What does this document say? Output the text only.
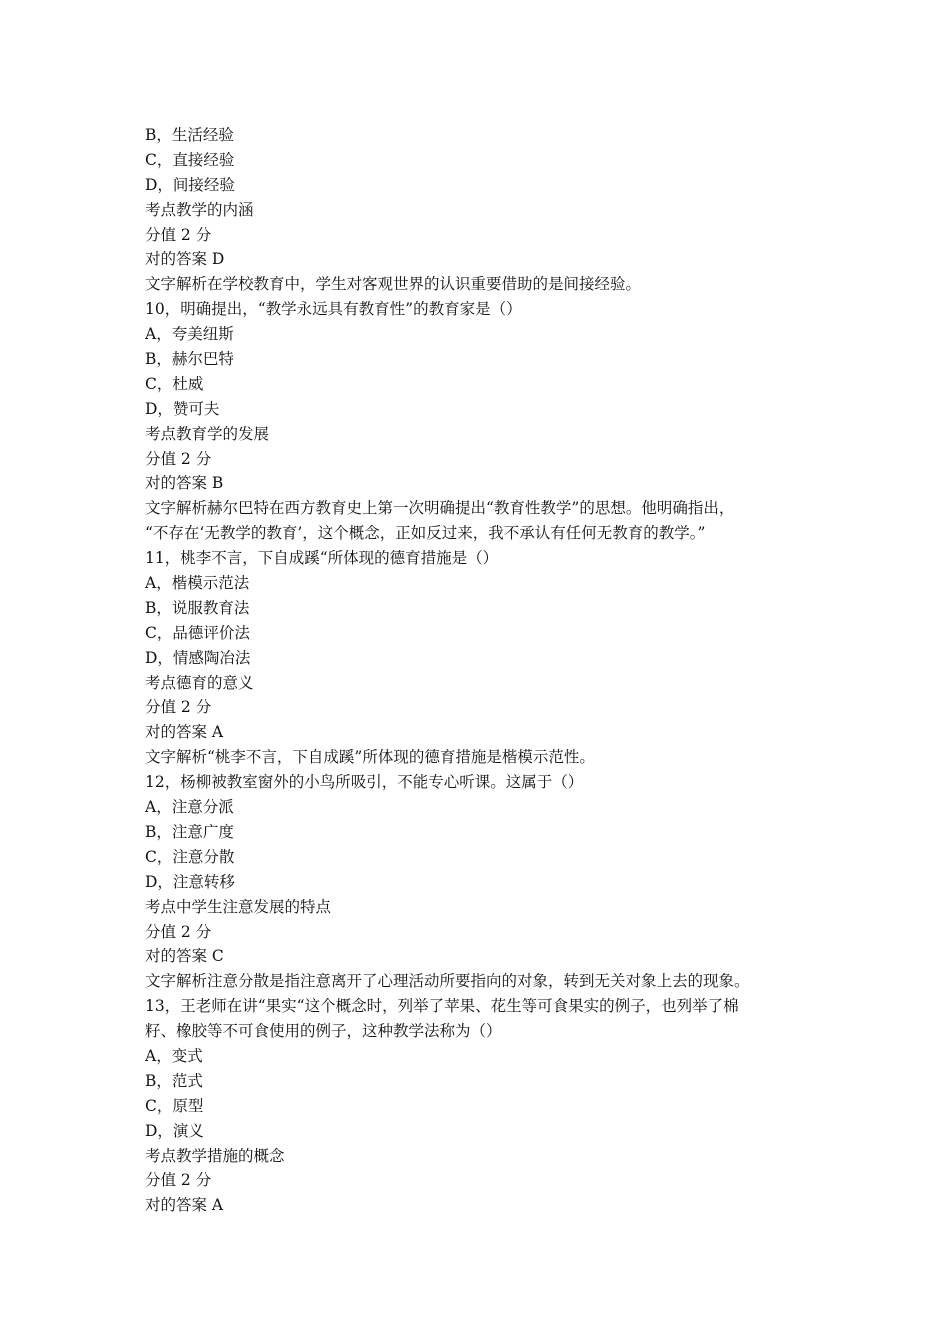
B，生活经验
C，直接经验
D，间接经验
考点教学的内涵
分值 2 分
对的答案 D
文字解析在学校教育中，学生对客观世界的认识重要借助的是间接经验。
10，明确提出，“教学永远具有教育性”的教育家是（）
A，夸美纽斯
B，赫尔巴特
C，杜威
D，赞可夫
考点教育学的发展
分值 2 分
对的答案 B
文字解析赫尔巴特在西方教育史上第一次明确提出“教育性教学”的思想。他明确指出，
“不存在‘无教学的教育’，这个概念，正如反过来，我不承认有任何无教育的教学。”
11，桃李不言，下自成蹊“所体现的德育措施是（）
A，楷模示范法
B，说服教育法
C，品德评价法
D，情感陶冶法
考点德育的意义
分值 2 分
对的答案 A
文字解析“桃李不言，下自成蹊”所体现的德育措施是楷模示范性。
12，杨柳被教室窗外的小鸟所吸引，不能专心听课。这属于（）
A，注意分派
B，注意广度
C，注意分散
D，注意转移
考点中学生注意发展的特点
分值 2 分
对的答案 C
文字解析注意分散是指注意离开了心理活动所要指向的对象，转到无关对象上去的现象。
13，王老师在讲“果实“这个概念时，列举了苹果、花生等可食果实的例子，也列举了棉
籽、橡胶等不可食使用的例子，这种教学法称为（）
A，变式
B，范式
C，原型
D，演义
考点教学措施的概念
分值 2 分
对的答案 A
